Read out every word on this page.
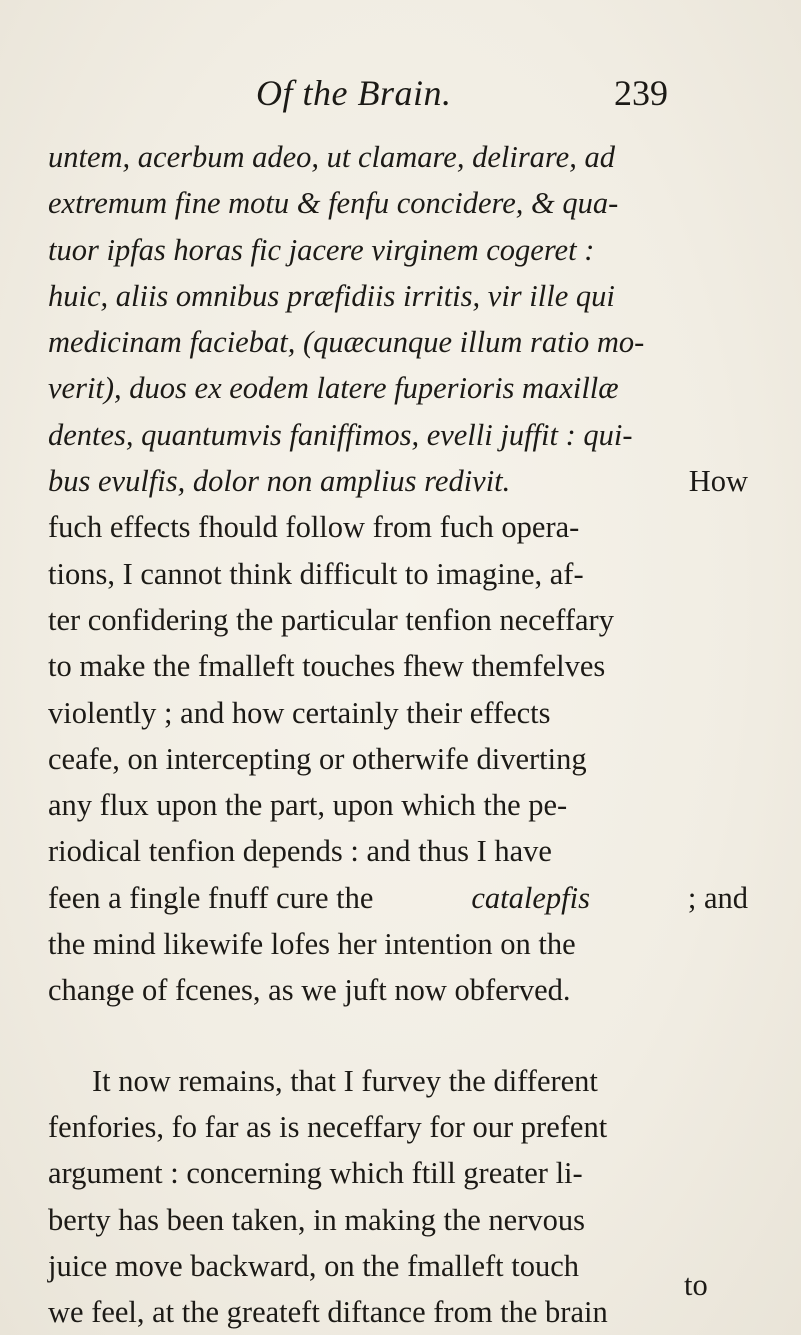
Of the Brain.	239
untem, acerbum adeo, ut clamare, delirare, ad
extremum fine motu & fenfu concidere, & qua-
tuor ipfas horas fic jacere virginem cogeret :
huic, aliis omnibus præfidiis irritis, vir ille qui
medicinam faciebat, (quæcunque illum ratio mo-
verit), duos ex eodem latere fuperioris maxillæ
dentes, quantumvis faniffimos, evelli juffit : qui-
bus evulfis, dolor non amplius redivit.	How
fuch effects fhould follow from fuch opera-
tions, I cannot think difficult to imagine, af-
ter confidering the particular tenfion neceffary
to make the fmalleft touches fhew themfelves
violently ; and how certainly their effects
ceafe, on intercepting or otherwife diverting
any flux upon the part, upon which the pe-
riodical tenfion depends : and thus I have
feen a fingle fnuff cure the	catalepfis	; and
the mind likewife lofes her intention on the
change of fcenes, as we juft now obferved.
It now remains, that I furvey the different
fenfories, fo far as is neceffary for our prefent
argument : concerning which ftill greater li-
berty has been taken, in making the nervous
juice move backward, on the fmalleft touch
we feel, at the greateft diftance from the brain
to
